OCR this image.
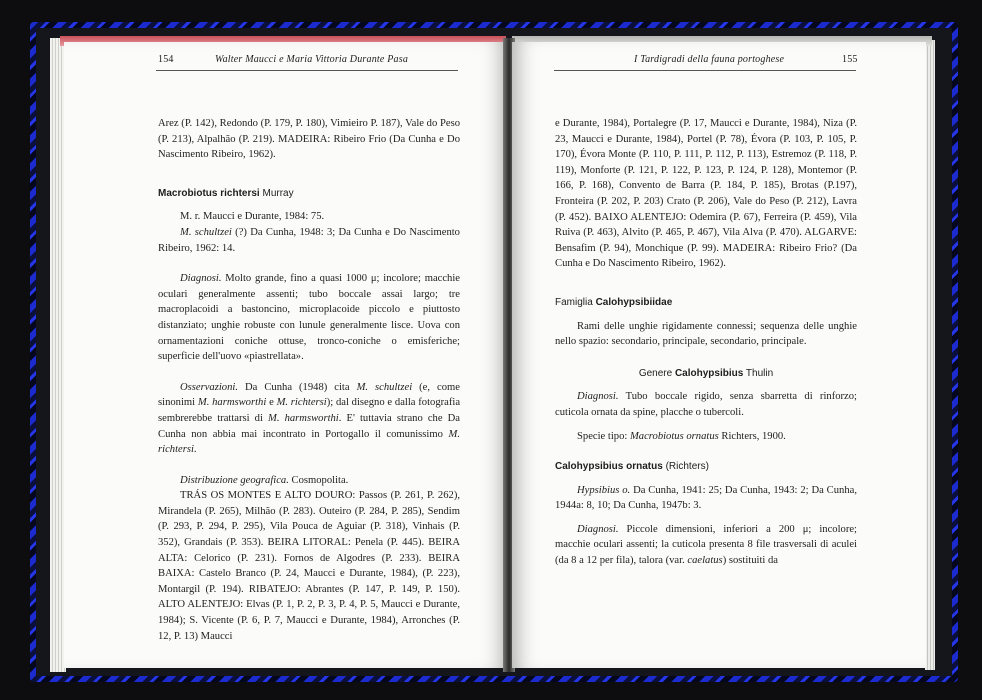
154	Walter Maucci e Maria Vittoria Durante Pasa

Arez (P. 142), Redondo (P. 179, P. 180), Vimieiro P. 187), Vale do Peso (P. 213), Alpalhão (P. 219). MADEIRA: Ribeiro Frio (Da Cunha e Do Nascimento Ribeiro, 1962).

Macrobiotus richtersi Murray

M. r. Maucci e Durante, 1984: 75.

M. schultzei (?) Da Cunha, 1948: 3; Da Cunha e Do Nascimento Ribeiro, 1962: 14.

Diagnosi. Molto grande, fino a quasi 1000 μ; incolore; macchie oculari generalmente assenti; tubo boccale assai largo; tre macroplacoidi a bastoncino, microplacoide piccolo e piuttosto distanziato; unghie robuste con lunule generalmente lisce. Uova con ornamentazioni coniche ottuse, tronco-coniche o emisferiche; superficie dell'uovo «piastrellata».

Osservazioni. Da Cunha (1948) cita M. schultzei (e, come sinonimi M. harmsworthi e M. richtersi); dal disegno e dalla fotografia sembrerebbe trattarsi di M. harmsworthi. E' tuttavia strano che Da Cunha non abbia mai incontrato in Portogallo il comunissimo M. richtersi.

Distribuzione geografica. Cosmopolita.

TRÁS OS MONTES E ALTO DOURO: Passos (P. 261, P. 262), Mirandela (P. 265), Milhão (P. 283). Outeiro (P. 284, P. 285), Sendim (P. 293, P. 294, P. 295), Vila Pouca de Aguiar (P. 318), Vinhais (P. 352), Grandais (P. 353). BEIRA LITORAL: Penela (P. 445). BEIRA ALTA: Celorico (P. 231). Fornos de Algodres (P. 233). BEIRA BAIXA: Castelo Branco (P. 24, Maucci e Durante, 1984), (P. 223), Montargil (P. 194). RIBATEJO: Abrantes (P. 147, P. 149, P. 150). ALTO ALENTEJO: Elvas (P. 1, P. 2, P. 3, P. 4, P. 5, Maucci e Durante, 1984); S. Vicente (P. 6, P. 7, Maucci e Durante, 1984), Arronches (P. 12, P. 13) Maucci

I Tardigradi della fauna portoghese	155

e Durante, 1984), Portalegre (P. 17, Maucci e Durante, 1984), Niza (P. 23, Maucci e Durante, 1984), Portel (P. 78), Évora (P. 103, P. 105, P. 170), Évora Monte (P. 110, P. 111, P. 112, P. 113), Estremoz (P. 118, P. 119), Monforte (P. 121, P. 122, P. 123, P. 124, P. 128), Montemor (P. 166, P. 168), Convento de Barra (P. 184, P. 185), Brotas (P.197), Fronteira (P. 202, P. 203) Crato (P. 206), Vale do Peso (P. 212), Lavra (P. 452). BAIXO ALENTEJO: Odemira (P. 67), Ferreira (P. 459), Vila Ruiva (P. 463), Alvito (P. 465, P. 467), Vila Alva (P. 470). ALGARVE: Bensafim (P. 94), Monchique (P. 99). MADEIRA: Ribeiro Frio? (Da Cunha e Do Nascimento Ribeiro, 1962).

Famiglia Calohypsibiidae

Rami delle unghie rigidamente connessi; sequenza delle unghie nello spazio: secondario, principale, secondario, principale.

Genere Calohypsibius Thulin

Diagnosi. Tubo boccale rigido, senza sbarretta di rinforzo; cuticola ornata da spine, placche o tubercoli.

Specie tipo: Macrobiotus ornatus Richters, 1900.

Calohypsibius ornatus (Richters)

Hypsibius o. Da Cunha, 1941: 25; Da Cunha, 1943: 2; Da Cunha, 1944a: 8, 10; Da Cunha, 1947b: 3.

Diagnosi. Piccole dimensioni, inferiori a 200 μ; incolore; macchie oculari assenti; la cuticola presenta 8 file trasversali di aculei (da 8 a 12 per fila), talora (var. caelatus) sostituiti da
